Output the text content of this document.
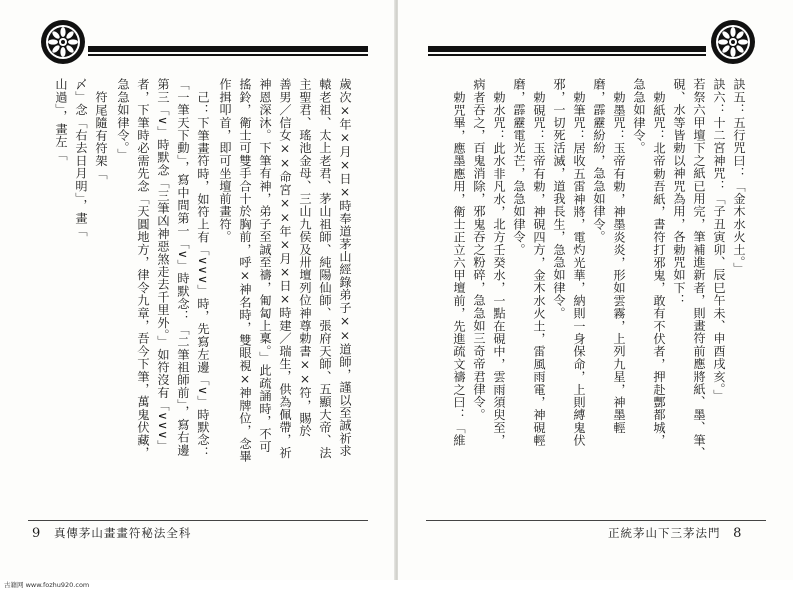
歲次×年×月×日×時奉道茅山經錄弟子××道師，謹以至誠祈求
轅老祖、太上老君、茅山祖師、純陽仙師、張府天師、五顯大帝、法
主聖君、瑤池金母、三山九侯及卅壇列位神尊勅書××符，賜於
善男／信女××命宮××年×月×日×時建／瑞生，供為佩帶，祈
神恩深沐。下筆有神，弟子至誠至禱，匍匐上稟。」此疏誦時，不可
搖鈴，衛士可雙手合十於胸前，呼×神名時，雙眼視×神牌位，念畢
作揖叩首，即可坐壇前畫符。
己：下筆畫符時，如符上有「∨∨∨」時，先寫左邊「∨」時默念：
「一筆天下動」，寫中間第一「∨」時默念：「二筆祖師前」，寫右邊
第三「∨」時默念「三筆凶神惡煞走去千里外。」如符沒有「∨∨∨」
者，下筆時必需先念「天圓地方，律令九章，吾今下筆，萬鬼伏藏，
急急如律令。」
符尾隨有符架「
〆」念「右去日月明」，畫「
山過」，畫左「
9 真傳茅山畫畫符秘法全科
訣五：五行咒曰：「金木水火土。」
訣六：十二宮神咒：「子丑寅卯、辰巳午未、申酉戌亥。」
若祭六甲壇下之紙已用完，筆補進新者，則畫符前應將紙、墨、筆、
硯、水等皆勅以神咒為用，各勅咒如下：
勅紙咒：北帝勅吾紙，書符打邪鬼，敢有不伏者，押赴酆都城，
急急如律令。
勅墨咒：玉帝有勅，神墨炎炎，形如雲霧，上列九星，神墨輕
磨，霹靂紛紛，急急如律令。
勅筆咒：居收五雷神將，電灼光華，納則一身保命，上則縛鬼伏
邪，一切死活滅，道我長生，急急如律令。
勅硯咒：玉帝有勅，神硯四方，金木水火土，雷風雨電，神硯輕
磨，霹靂電光芒，急急如律令。
勅水咒：此水非凡水，北方壬癸水，一點在硯中，雲雨須臾至，
病者吞之，百鬼消除，邪鬼吞之粉碎，急急如三奇帝君律令。
勅咒畢，應墨應用，衛士正立六甲壇前，先進疏文禱之曰：「維
正統茅山下三茅法門 8
古籍网 www.fozhu920.com
